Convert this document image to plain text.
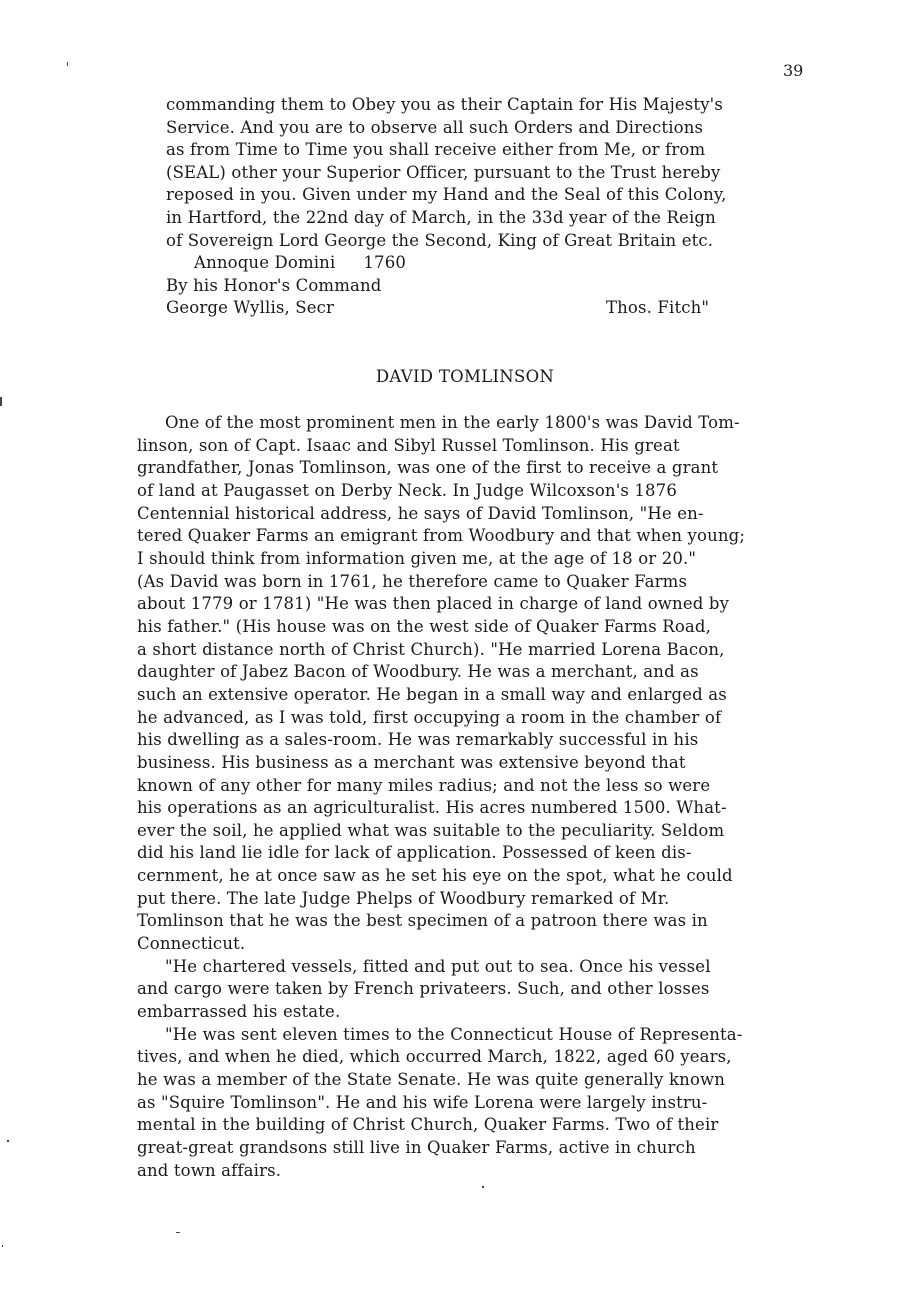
39
commanding them to Obey you as their Captain for His Majesty's
Service. And you are to observe all such Orders and Directions
as from Time to Time you shall receive either from Me, or from
(SEAL) other your Superior Officer, pursuant to the Trust hereby
reposed in you. Given under my Hand and the Seal of this Colony,
in Hartford, the 22nd day of March, in the 33d year of the Reign
of Sovereign Lord George the Second, King of Great Britain etc.
Annoque Domini 1760
By his Honor's Command
George Wyllis, Secr	Thos. Fitch"
DAVID TOMLINSON
One of the most prominent men in the early 1800's was David Tom-
linson, son of Capt. Isaac and Sibyl Russel Tomlinson. His great
grandfather, Jonas Tomlinson, was one of the first to receive a grant
of land at Paugasset on Derby Neck. In Judge Wilcoxson's 1876
Centennial historical address, he says of David Tomlinson, "He en-
tered Quaker Farms an emigrant from Woodbury and that when young;
I should think from information given me, at the age of 18 or 20."
(As David was born in 1761, he therefore came to Quaker Farms
about 1779 or 1781) "He was then placed in charge of land owned by
his father." (His house was on the west side of Quaker Farms Road,
a short distance north of Christ Church). "He married Lorena Bacon,
daughter of Jabez Bacon of Woodbury. He was a merchant, and as
such an extensive operator. He began in a small way and enlarged as
he advanced, as I was told, first occupying a room in the chamber of
his dwelling as a sales-room. He was remarkably successful in his
business. His business as a merchant was extensive beyond that
known of any other for many miles radius; and not the less so were
his operations as an agriculturalist. His acres numbered 1500. What-
ever the soil, he applied what was suitable to the peculiarity. Seldom
did his land lie idle for lack of application. Possessed of keen dis-
cernment, he at once saw as he set his eye on the spot, what he could
put there. The late Judge Phelps of Woodbury remarked of Mr.
Tomlinson that he was the best specimen of a patroon there was in
Connecticut.
"He chartered vessels, fitted and put out to sea. Once his vessel
and cargo were taken by French privateers. Such, and other losses
embarrassed his estate.
"He was sent eleven times to the Connecticut House of Representa-
tives, and when he died, which occurred March, 1822, aged 60 years,
he was a member of the State Senate. He was quite generally known
as "Squire Tomlinson". He and his wife Lorena were largely instru-
mental in the building of Christ Church, Quaker Farms. Two of their
great-great grandsons still live in Quaker Farms, active in church
and town affairs.
